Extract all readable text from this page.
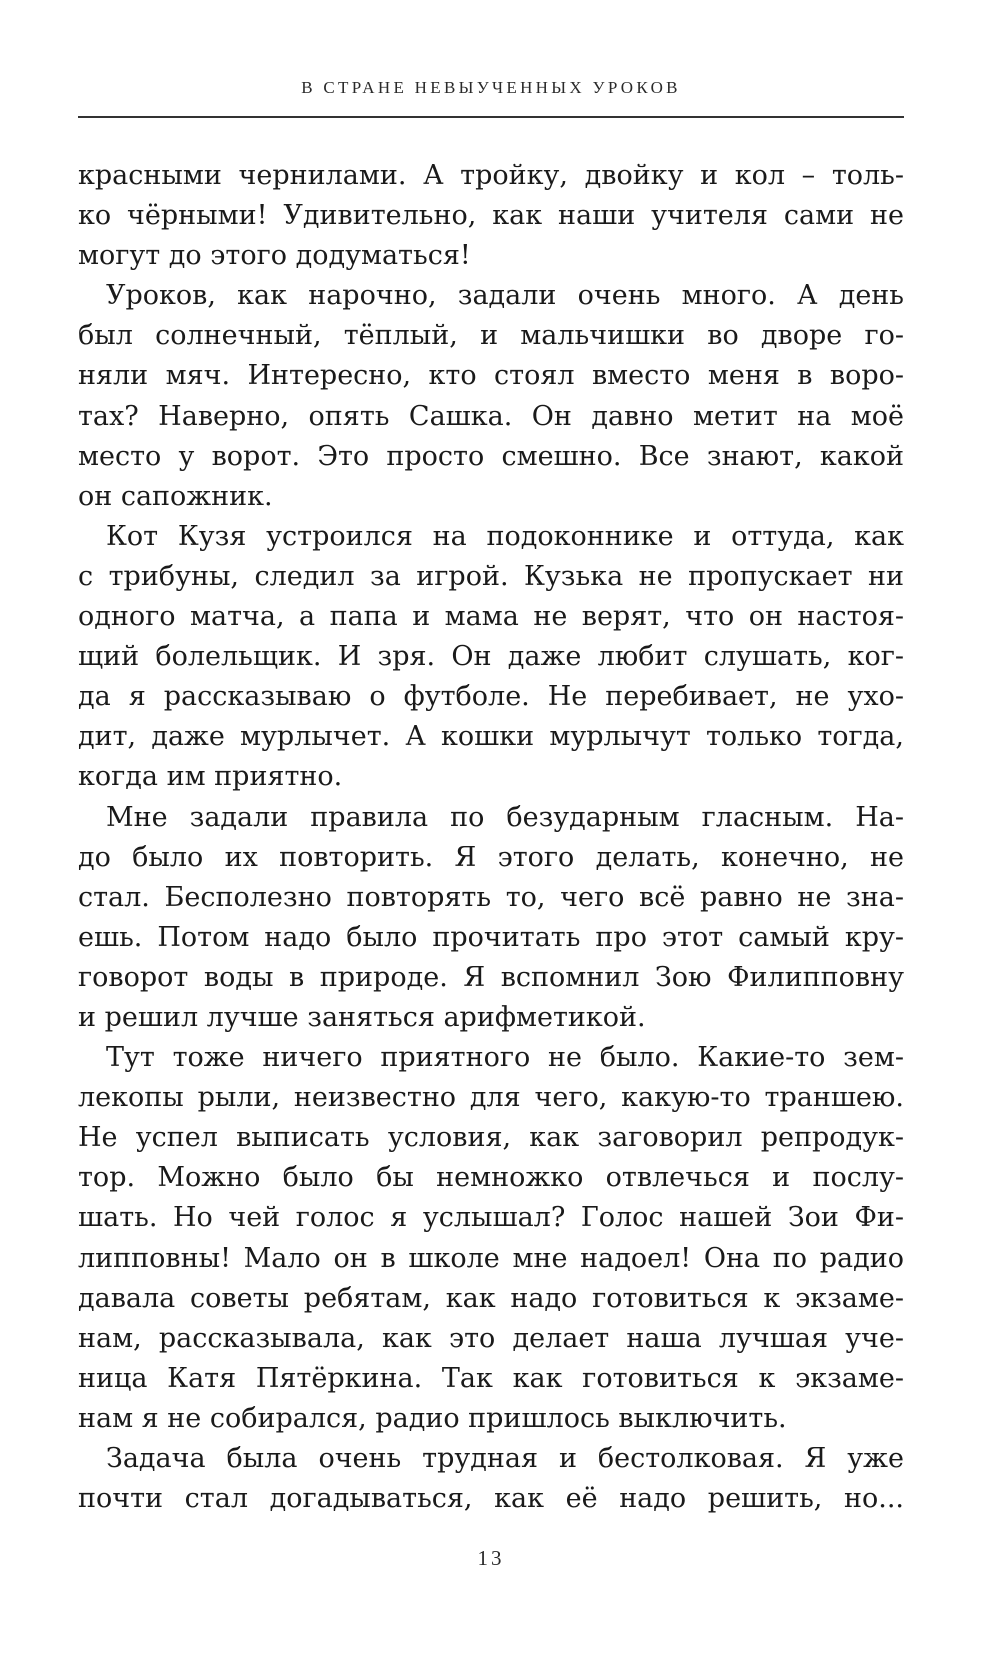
В СТРАНЕ НЕВЫУЧЕННЫХ УРОКОВ
красными чернилами. А тройку, двойку и кол – толь-
ко чёрными! Удивительно, как наши учителя сами не
могут до этого додуматься!
Уроков, как нарочно, задали очень много. А день
был солнечный, тёплый, и мальчишки во дворе го-
няли мяч. Интересно, кто стоял вместо меня в воро-
тах? Наверно, опять Сашка. Он давно метит на моё
место у ворот. Это просто смешно. Все знают, какой
он сапожник.
Кот Кузя устроился на подоконнике и оттуда, как
с трибуны, следил за игрой. Кузька не пропускает ни
одного матча, а папа и мама не верят, что он настоя-
щий болельщик. И зря. Он даже любит слушать, ког-
да я рассказываю о футболе. Не перебивает, не ухо-
дит, даже мурлычет. А кошки мурлычут только тогда,
когда им приятно.
Мне задали правила по безударным гласным. На-
до было их повторить. Я этого делать, конечно, не
стал. Бесполезно повторять то, чего всё равно не зна-
ешь. Потом надо было прочитать про этот самый кру-
говорот воды в природе. Я вспомнил Зою Филипповну
и решил лучше заняться арифметикой.
Тут тоже ничего приятного не было. Какие-то зем-
лекопы рыли, неизвестно для чего, какую-то траншею.
Не успел выписать условия, как заговорил репродук-
тор. Можно было бы немножко отвлечься и послу-
шать. Но чей голос я услышал? Голос нашей Зои Фи-
липповны! Мало он в школе мне надоел! Она по радио
давала советы ребятам, как надо готовиться к экзаме-
нам, рассказывала, как это делает наша лучшая уче-
ница Катя Пятёркина. Так как готовиться к экзаме-
нам я не собирался, радио пришлось выключить.
Задача была очень трудная и бестолковая. Я уже
почти стал догадываться, как её надо решить, но...
13
